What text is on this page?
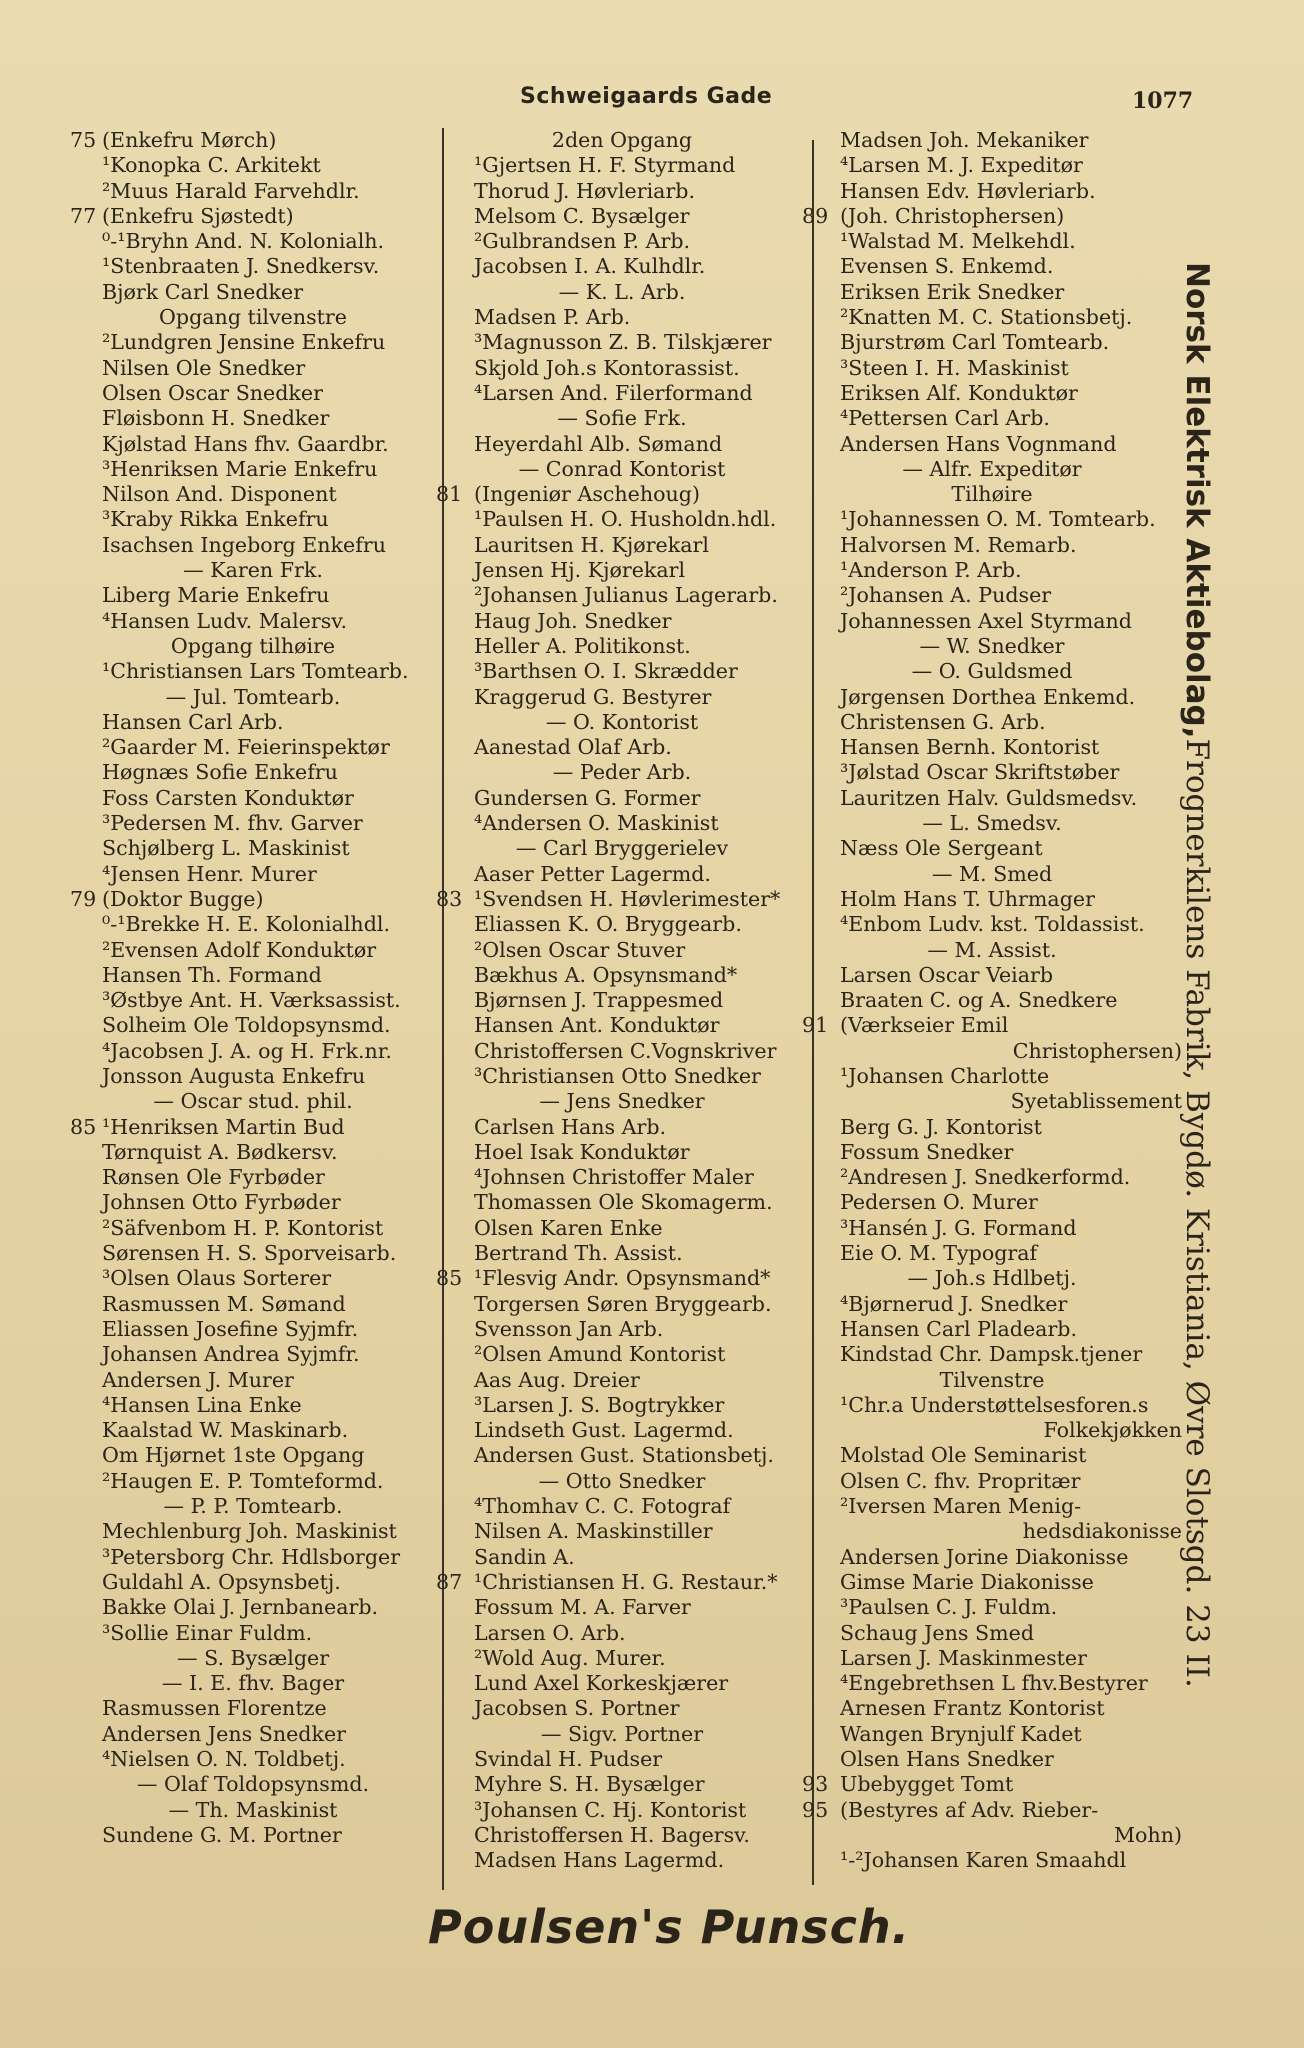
Schweigaards Gade	1077
75 (Enkefru Mørch)
¹Konopka C. Arkitekt
²Muus Harald Farvehdlr.
77 (Enkefru Sjøstedt)
⁰-¹Bryhn And. N. Kolonialh.
¹Stenbraaten J. Snedkersv.
Bjørk Carl Snedker
Opgang tilvenstre
²Lundgren Jensine Enkefru
Nilsen Ole Snedker
Olsen Oscar Snedker
Fløisbonn H. Snedker
Kjølstad Hans fhv. Gaardbr.
³Henriksen Marie Enkefru
Nilson And. Disponent
³Kraby Rikka Enkefru
Isachsen Ingeborg Enkefru
— Karen Frk.
Liberg Marie Enkefru
⁴Hansen Ludv. Malersv.
Opgang tilhøire
¹Christiansen Lars Tomtearb.
— Jul. Tomtearb.
Hansen Carl Arb.
²Gaarder M. Feierinspektør
Høgnæs Sofie Enkefru
Foss Carsten Konduktør
³Pedersen M. fhv. Garver
Schjølberg L. Maskinist
⁴Jensen Henr. Murer
79 (Doktor Bugge)
⁰-¹Brekke H. E. Kolonialhdl.
²Evensen Adolf Konduktør
Hansen Th. Formand
³Østbye Ant. H. Værksassist.
Solheim Ole Toldopsynsmd.
⁴Jacobsen J. A. og H. Frk.nr.
Jonsson Augusta Enkefru
— Oscar stud. phil.
85 ¹Henriksen Martin Bud
Tørnquist A. Bødkersv.
Rønsen Ole Fyrbøder
Johnsen Otto Fyrbøder
²Säfvenbom H. P. Kontorist
Sørensen H. S. Sporveisarb.
³Olsen Olaus Sorterer
Rasmussen M. Sømand
Eliassen Josefine Syjmfr.
Johansen Andrea Syjmfr.
Andersen J. Murer
⁴Hansen Lina Enke
Kaalstad W. Maskinarb.
Om Hjørnet 1ste Opgang
²Haugen E. P. Tomteformd.
— P. P. Tomtearb.
Mechlenburg Joh. Maskinist
³Petersborg Chr. Hdlsborger
Guldahl A. Opsynsbetj.
Bakke Olai J. Jernbanearb.
³Sollie Einar Fuldm.
— S. Bysælger
— I. E. fhv. Bager
Rasmussen Florentze
Andersen Jens Snedker
⁴Nielsen O. N. Toldbetj.
— Olaf Toldopsynsmd.
— Th. Maskinist
Sundene G. M. Portner
2den Opgang
¹Gjertsen H. F. Styrmand
Thorud J. Høvleriarb.
Melsom C. Bysælger
²Gulbrandsen P. Arb.
Jacobsen I. A. Kulhdlr.
— K. L. Arb.
Madsen P. Arb.
³Magnusson Z. B. Tilskjærer
Skjold Joh.s Kontorassist.
⁴Larsen And. Filerformand
— Sofie Frk.
Heyerdahl Alb. Sømand
— Conrad Kontorist
81 (Ingeniør Aschehoug)
¹Paulsen H. O. Husholdn.hdl.
Lauritsen H. Kjørekarl
Jensen Hj. Kjørekarl
²Johansen Julianus Lagerarb.
Haug Joh. Snedker
Heller A. Politikonst.
³Barthsen O. I. Skrædder
Kraggerud G. Bestyrer
— O. Kontorist
Aanestad Olaf Arb.
— Peder Arb.
Gundersen G. Former
⁴Andersen O. Maskinist
— Carl Bryggerielev
Aaser Petter Lagermd.
83 ¹Svendsen H. Høvlerimester*
Eliassen K. O. Bryggearb.
²Olsen Oscar Stuver
Bækhus A. Opsynsmand*
Bjørnsen J. Trappesmed
Hansen Ant. Konduktør
Christoffersen C.Vognskriver
³Christiansen Otto Snedker
— Jens Snedker
Carlsen Hans Arb.
Hoel Isak Konduktør
⁴Johnsen Christoffer Maler
Thomassen Ole Skomagerm.
Olsen Karen Enke
Bertrand Th. Assist.
85 ¹Flesvig Andr. Opsynsmand*
Torgersen Søren Bryggearb.
Svensson Jan Arb.
²Olsen Amund Kontorist
Aas Aug. Dreier
³Larsen J. S. Bogtrykker
Lindseth Gust. Lagermd.
Andersen Gust. Stationsbetj.
— Otto Snedker
⁴Thomhav C. C. Fotograf
Nilsen A. Maskinstiller
Sandin A.
87 ¹Christiansen H. G. Restaur.*
Fossum M. A. Farver
Larsen O. Arb.
²Wold Aug. Murer.
Lund Axel Korkeskjærer
Jacobsen S. Portner
— Sigv. Portner
Svindal H. Pudser
Myhre S. H. Bysælger
³Johansen C. Hj. Kontorist
Christoffersen H. Bagersv.
Madsen Hans Lagermd.
Madsen Joh. Mekaniker
⁴Larsen M. J. Expeditør
Hansen Edv. Høvleriarb.
89 (Joh. Christophersen)
¹Walstad M. Melkehdl.
Evensen S. Enkemd.
Eriksen Erik Snedker
²Knatten M. C. Stationsbetj.
Bjurstrøm Carl Tomtearb.
³Steen I. H. Maskinist
Eriksen Alf. Konduktør
⁴Pettersen Carl Arb.
Andersen Hans Vognmand
— Alfr. Expeditør
Tilhøire
¹Johannessen O. M. Tomtearb.
Halvorsen M. Remarb.
¹Anderson P. Arb.
²Johansen A. Pudser
Johannessen Axel Styrmand
— W. Snedker
— O. Guldsmed
Jørgensen Dorthea Enkemd.
Christensen G. Arb.
Hansen Bernh. Kontorist
³Jølstad Oscar Skriftstøber
Lauritzen Halv. Guldsmedsv.
— L. Smedsv.
Næss Ole Sergeant
— M. Smed
Holm Hans T. Uhrmager
⁴Enbom Ludv. kst. Toldassist.
— M. Assist.
Larsen Oscar Veiarb
Braaten C. og A. Snedkere
91 (Værkseier Emil
Christophersen)
¹Johansen Charlotte
Syetablissement
Berg G. J. Kontorist
Fossum Snedker
²Andresen J. Snedkerformd.
Pedersen O. Murer
³Hansén J. G. Formand
Eie O. M. Typograf
— Joh.s Hdlbetj.
⁴Bjørnerud J. Snedker
Hansen Carl Pladearb.
Kindstad Chr. Dampsk.tjener
Tilvenstre
¹Chr.a Understøttelsesforen.s
Folkekjøkken
Molstad Ole Seminarist
Olsen C. fhv. Propritær
²Iversen Maren Menig-
hedsdiakonisse
Andersen Jorine Diakonisse
Gimse Marie Diakonisse
³Paulsen C. J. Fuldm.
Schaug Jens Smed
Larsen J. Maskinmester
⁴Engebrethsen L fhv.Bestyrer
Arnesen Frantz Kontorist
Wangen Brynjulf Kadet
Olsen Hans Snedker
93 Ubebygget Tomt
95 (Bestyres af Adv. Rieber-
Mohn)
¹-²Johansen Karen Smaahdl
Norsk Elektrisk Aktiebolag,
Frognerkilens Fabrik, Bygdø. Kristiania, Øvre Slotsgd. 23 II.
Poulsen's Punsch.
